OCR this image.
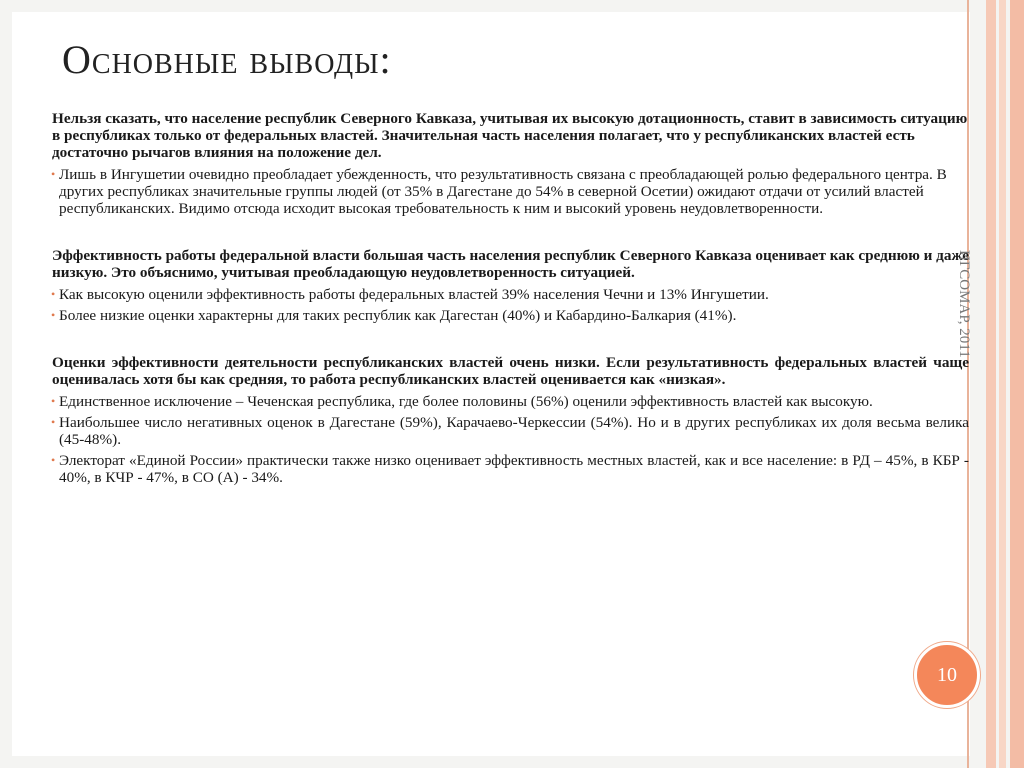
Основные выводы:

Нельзя сказать, что население республик Северного Кавказа, учитывая их высокую дотационность, ставит в зависимость ситуацию в республиках только от федеральных властей. Значительная часть населения полагает, что у республиканских властей есть достаточно рычагов влияния на положение дел.

• Лишь в Ингушетии очевидно преобладает убежденность, что результативность связана с преобладающей ролью федерального центра. В других республиках значительные группы людей (от 35% в Дагестане до 54% в северной Осетии) ожидают отдачи от усилий властей республиканских. Видимо отсюда исходит высокая требовательность к ним и высокий уровень неудовлетворенности.

Эффективность работы федеральной власти большая часть населения республик Северного Кавказа оценивает как среднюю и даже низкую. Это объяснимо, учитывая преобладающую неудовлетворенность ситуацией.

• Как высокую оценили эффективность работы федеральных властей 39% населения Чечни и 13% Ингушетии.

• Более низкие оценки характерны для таких республик как Дагестан (40%) и Кабардино-Балкария (41%).

Оценки эффективности деятельности республиканских властей очень низки. Если результативность федеральных властей чаще оценивалась хотя бы как средняя, то работа республиканских властей оценивается как «низкая».

• Единственное исключение – Чеченская республика, где более половины (56%) оценили эффективность властей как высокую.

• Наибольшее число негативных оценок в Дагестане (59%), Карачаево-Черкессии (54%). Но и в других республиках их доля весьма велика (45-48%).

• Электорат «Единой России» практически также низко оценивает эффективность местных властей, как и все население: в РД – 45%, в КБР - 40%, в КЧР - 47%, в СО (А) - 34%.

ИГСОМАР, 2011
10
